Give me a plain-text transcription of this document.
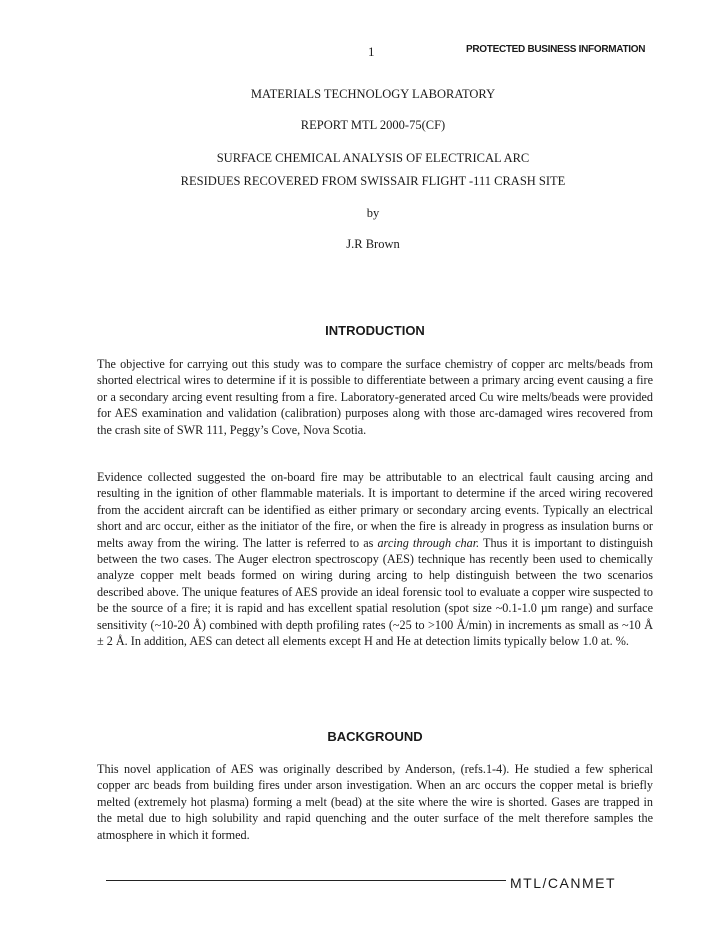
1	PROTECTED BUSINESS INFORMATION
MATERIALS TECHNOLOGY LABORATORY
REPORT MTL 2000-75(CF)
SURFACE CHEMICAL ANALYSIS OF ELECTRICAL ARC
RESIDUES RECOVERED FROM SWISSAIR FLIGHT -111 CRASH SITE
by
J.R Brown
INTRODUCTION

The objective for carrying out this study was to compare the surface chemistry of copper arc melts/beads from shorted electrical wires to determine if it is possible to differentiate between a primary arcing event causing a fire or a secondary arcing event resulting from a fire. Laboratory-generated arced Cu wire melts/beads were provided for AES examination and validation (calibration) purposes along with those arc-damaged wires recovered from the crash site of SWR 111, Peggy’s Cove, Nova Scotia.

Evidence collected suggested the on-board fire may be attributable to an electrical fault causing arcing and resulting in the ignition of other flammable materials. It is important to determine if the arced wiring recovered from the accident aircraft can be identified as either primary or secondary arcing events. Typically an electrical short and arc occur, either as the initiator of the fire, or when the fire is already in progress as insulation burns or melts away from the wiring. The latter is referred to as arcing through char. Thus it is important to distinguish between the two cases. The Auger electron spectroscopy (AES) technique has recently been used to chemically analyze copper melt beads formed on wiring during arcing to help distinguish between the two scenarios described above. The unique features of AES provide an ideal forensic tool to evaluate a copper wire suspected to be the source of a fire; it is rapid and has excellent spatial resolution (spot size ~0.1-1.0 µm range) and surface sensitivity (~10-20 Å) combined with depth profiling rates (~25 to >100 Å/min) in increments as small as ~10 Å ± 2 Å. In addition, AES can detect all elements except H and He at detection limits typically below 1.0 at. %.

BACKGROUND

This novel application of AES was originally described by Anderson, (refs.1-4). He studied a few spherical copper arc beads from building fires under arson investigation. When an arc occurs the copper metal is briefly melted (extremely hot plasma) forming a melt (bead) at the site where the wire is shorted. Gases are trapped in the metal due to high solubility and rapid quenching and the outer surface of the melt therefore samples the atmosphere in which it formed.

MTL/CANMET
